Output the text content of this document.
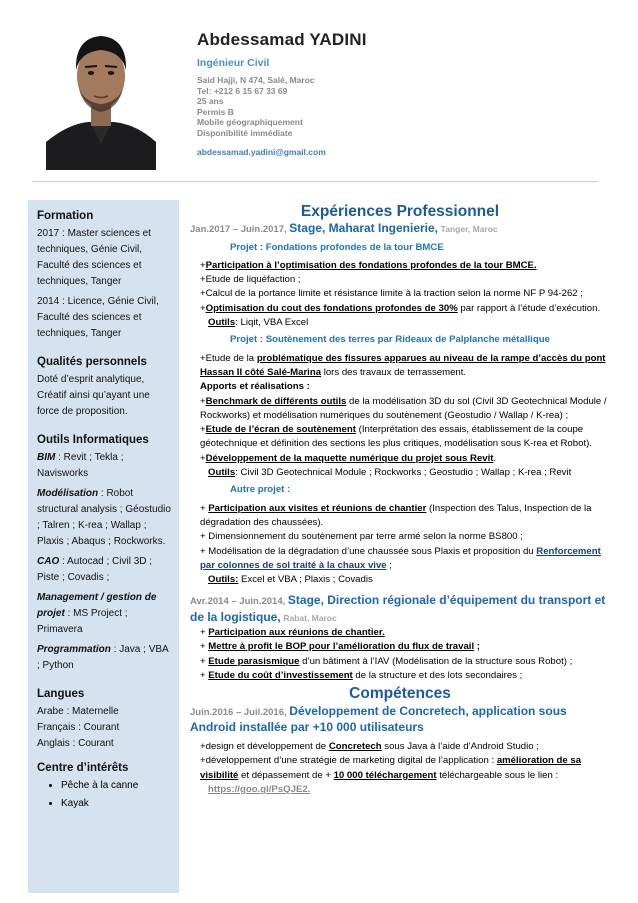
Abdessamad YADINI
Ingénieur Civil
Said Hajji, N 474, Salé, Maroc
Tel: +212 6 15 67 33 69
25 ans
Permis B
Mobile géographiquement
Disponibilité immédiate
abdessamad.yadini@gmail.com
Formation

2017 : Master sciences et techniques, Génie Civil, Faculté des sciences et techniques, Tanger

2014 : Licence, Génie Civil, Faculté des sciences et techniques, Tanger

Qualités personnels

Doté d’esprit analytique, Créatif ainsi qu’ayant une force de proposition.

Outils Informatiques

BIM : Revit ; Tekla ; Navisworks

Modélisation : Robot structural analysis ; Géostudio ; Talren ; K-rea ; Wallap ; Plaxis ; Abaqus ; Rockworks.

CAO : Autocad ; Civil 3D ; Piste ; Covadis ;

Management / gestion de projet : MS Project ; Primavera

Programmation : Java ; VBA ; Python

Langues

Arabe : Maternelle

Français : Courant

Anglais : Courant

Centre d’intérêts
• Pêche à la canne
• Kayak
Expériences Professionnel

Jan.2017 – Juin.2017, Stage, Maharat Ingenierie, Tanger, Maroc

Projet : Fondations profondes de la tour BMCE

+Participation à l’optimisation des fondations profondes de la tour BMCE.

+Etude de liquéfaction ;

+Calcul de la portance limite et résistance limite à la traction selon la norme NF P 94-262 ;

+Optimisation du cout des fondations profondes de 30% par rapport à l’étude d’exécution.

Outils: Liqit, VBA Excel

Projet : Soutènement des terres par Rideaux de Palplanche métallique

+Etude de la problématique des fissures apparues au niveau de la rampe d’accès du pont Hassan II côté Salé-Marina lors des travaux de terrassement.

Apports et réalisations :

+Benchmark de différents outils de la modélisation 3D du sol (Civil 3D Geotechnical Module / Rockworks) et modélisation numériques du soutènement (Geostudio / Wallap / K-rea) ;

+Etude de l’écran de soutènement (Interprétation des essais, établissement de la coupe géotechnique et définition des sections les plus critiques, modélisation sous K-rea et Robot).

+Développement de la maquette numérique du projet sous Revit.

Outils: Civil 3D Geotechnical Module ; Rockworks ; Geostudio ; Wallap ; K-rea ; Revit

Autre projet :

+ Participation aux visites et réunions de chantier (Inspection des Talus, Inspection de la dégradation des chaussées).

+ Dimensionnement du soutènement par terre armé selon la norme BS800 ;

+ Modélisation de la dégradation d’une chaussée sous Plaxis et proposition du Renforcement par colonnes de sol traité à la chaux vive ;

Outils: Excel et VBA ; Plaxis ; Covadis

Avr.2014 – Juin.2014, Stage, Direction régionale d’équipement du transport et de la logistique, Rabat, Maroc

+ Participation aux réunions de chantier.

+ Mettre à profit le BOP pour l’amélioration du flux de travail ;

+ Etude parasismique d’un bâtiment à l’IAV (Modélisation de la structure sous Robot) ;

+ Etude du coût d’investissement de la structure et des lots secondaires ;

Compétences

Juin.2016 – Juil.2016, Développement de Concretech, application sous Android installée par +10 000 utilisateurs

+design et développement de Concretech sous Java à l’aide d’Android Studio ;

+développement d’une stratégie de marketing digital de l’application : amélioration de sa visibilité et dépassement de + 10 000 téléchargement téléchargeable sous le lien :

https://goo.gl/PsQJE2.
